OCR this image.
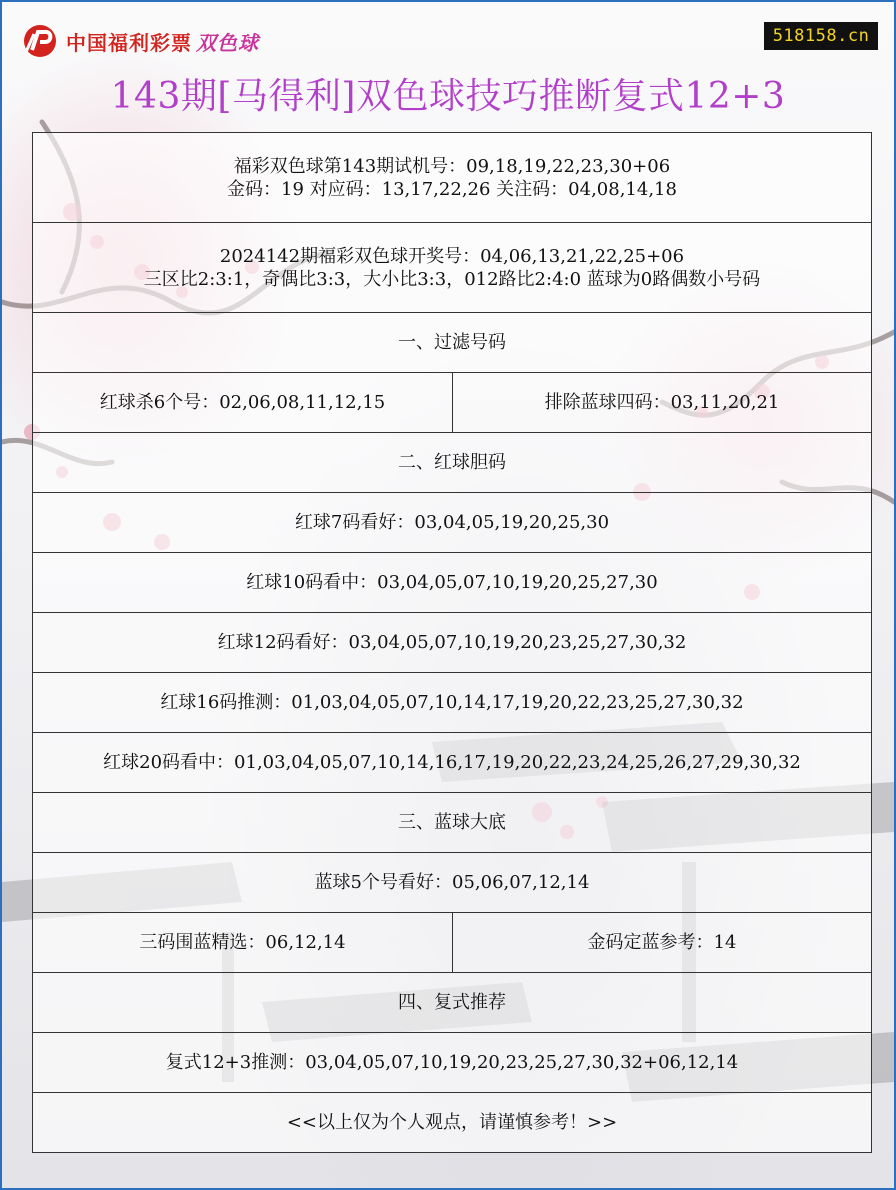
中国福利彩票 双色球	518158.cn
143期[马得利]双色球技巧推断复式12+3
福彩双色球第143期试机号：09,18,19,22,23,30+06
金码：19 对应码：13,17,22,26 关注码：04,08,14,18
2024142期福彩双色球开奖号：04,06,13,21,22,25+06
三区比2:3:1，奇偶比3:3，大小比3:3，012路比2:4:0 蓝球为0路偶数小号码
一、过滤号码
红球杀6个号：02,06,08,11,12,15	排除蓝球四码：03,11,20,21
二、红球胆码
红球7码看好：03,04,05,19,20,25,30
红球10码看中：03,04,05,07,10,19,20,25,27,30
红球12码看好：03,04,05,07,10,19,20,23,25,27,30,32
红球16码推测：01,03,04,05,07,10,14,17,19,20,22,23,25,27,30,32
红球20码看中：01,03,04,05,07,10,14,16,17,19,20,22,23,24,25,26,27,29,30,32
三、蓝球大底
蓝球5个号看好：05,06,07,12,14
三码围蓝精选：06,12,14	金码定蓝参考：14
四、复式推荐
复式12+3推测：03,04,05,07,10,19,20,23,25,27,30,32+06,12,14
<<以上仅为个人观点，请谨慎参考！>>
